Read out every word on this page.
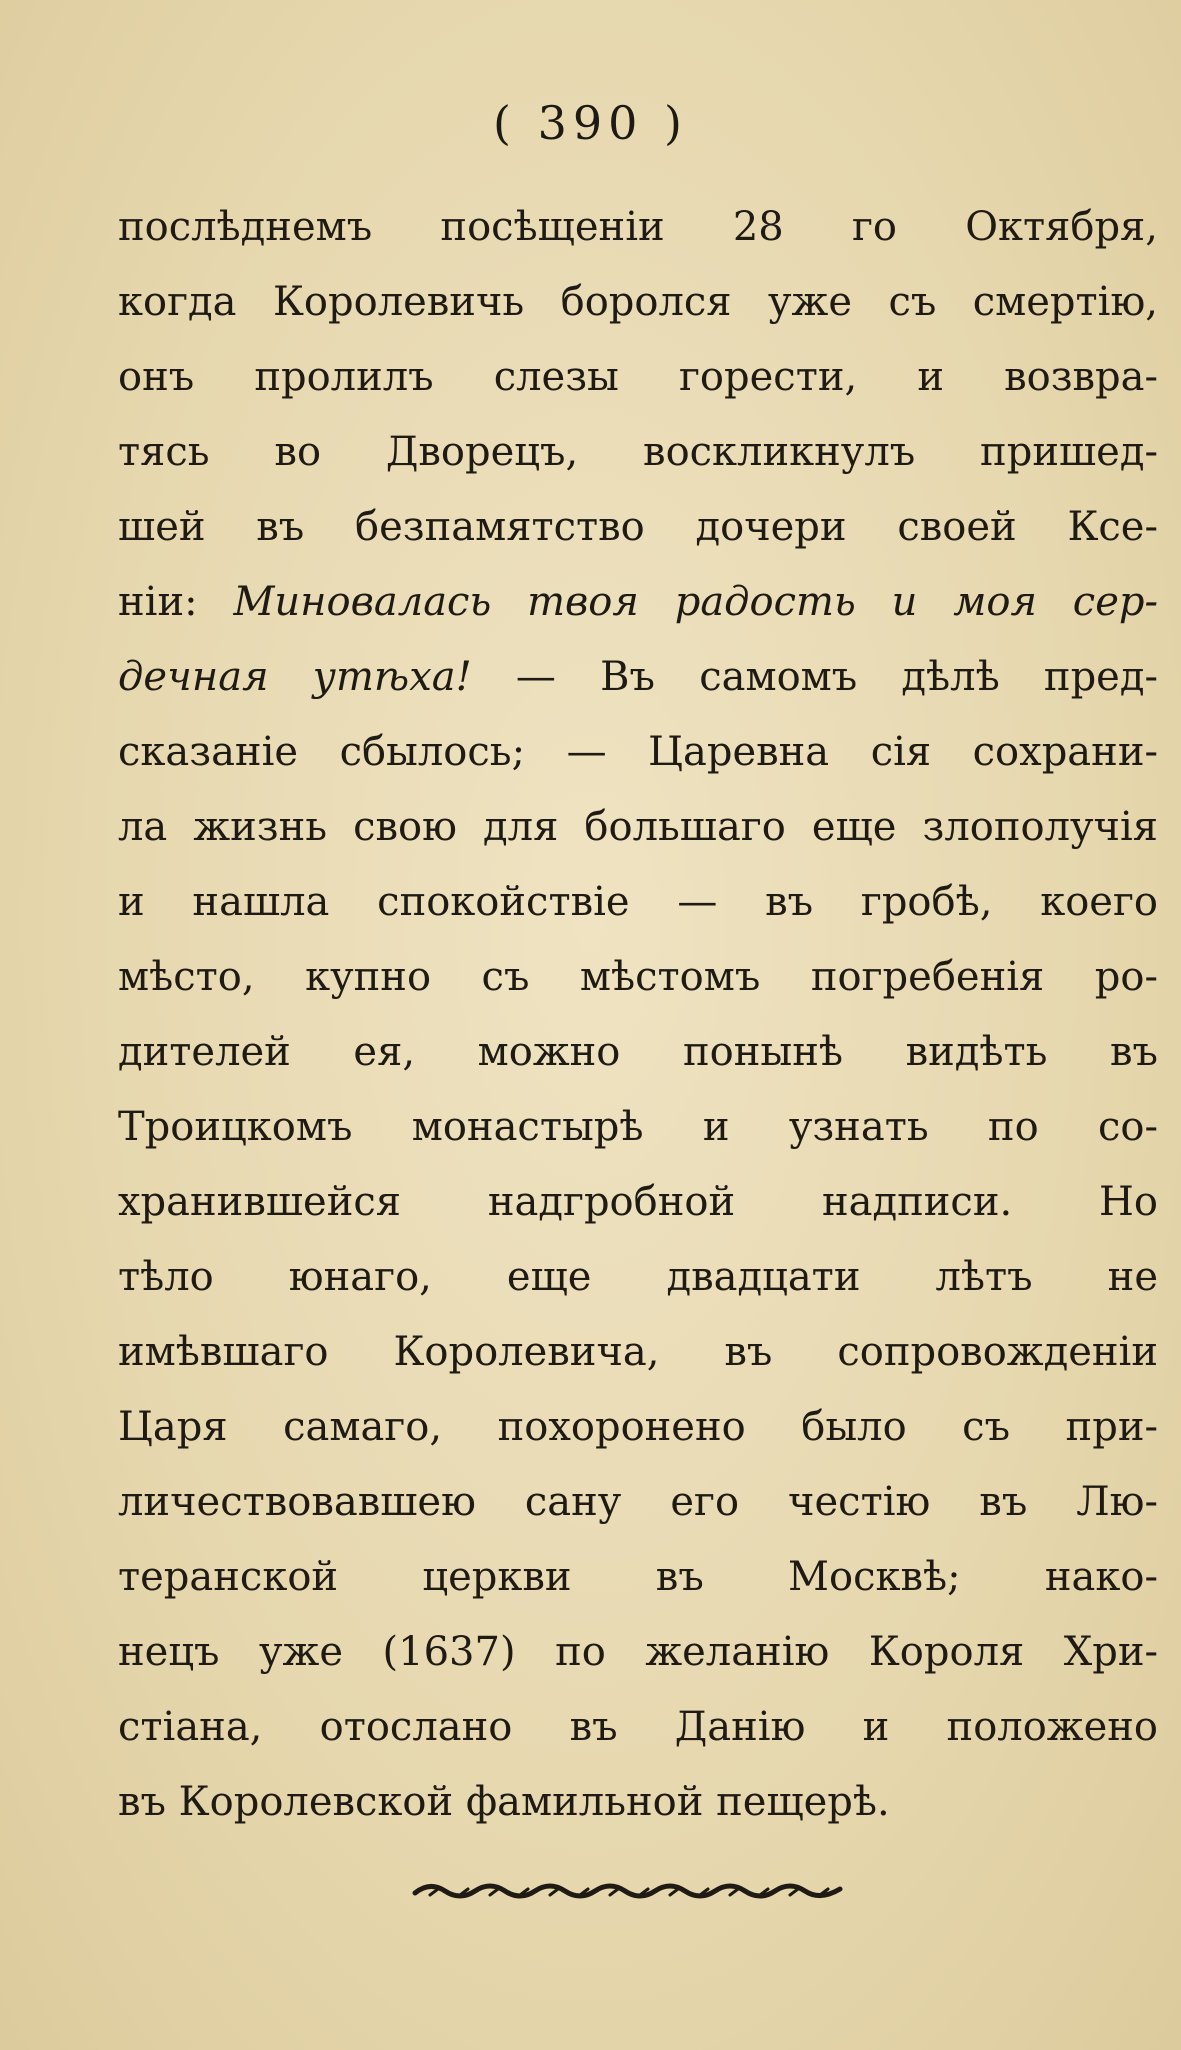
( 390 )
послѣднемъ посѣщеніи 28 го Октября,
когда Королевичь боролся уже съ смертію,
онъ пролилъ слезы горести, и возвра-
тясь во Дворецъ, воскликнулъ пришед-
шей въ безпамятство дочери своей Ксе-
ніи: Миновалась твоя радость и моя сер-
дечная утѣха! — Въ самомъ дѣлѣ пред-
сказаніе сбылось; — Царевна сія сохрани-
ла жизнь свою для большаго еще злополучія
и нашла спокойствіе — въ гробѣ, коего
мѣсто, купно съ мѣстомъ погребенія ро-
дителей ея, можно понынѣ видѣть въ
Троицкомъ монастырѣ и узнать по со-
хранившейся надгробной надписи. Но
тѣло юнаго, еще двадцати лѣтъ не
имѣвшаго Королевича, въ сопровожденіи
Царя самаго, похоронено было съ при-
личествовавшею сану его честію въ Лю-
теранской церкви въ Москвѣ; нако-
нецъ уже (1637) по желанію Короля Хри-
стіана, отослано въ Данію и положено
въ Королевской фамильной пещерѣ.
